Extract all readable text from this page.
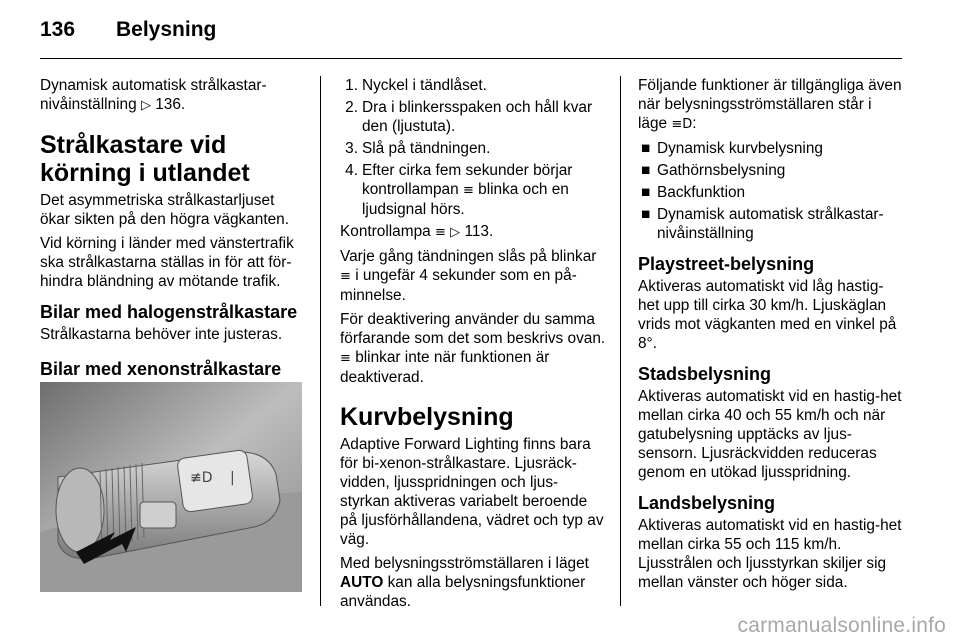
136 Belysning

Dynamisk automatisk strålkastar-
nivåinställning ▷ 136.

Strålkastare vid körning i utlandet

Det asymmetriska strålkastarljuset ökar sikten på den högra vägkanten.

Vid körning i länder med vänstertrafik ska strålkastarna ställas in för att för-hindra bländning av mötande trafik.

Bilar med halogenstrålkastare

Strålkastarna behöver inte justeras.

Bilar med xenonstrålkastare
≢D |
1. Nyckel i tändlåset.
2. Dra i blinkersspaken och håll kvar den (ljustuta).
3. Slå på tändningen.
4. Efter cirka fem sekunder börjar kontrollampan ≡ blinka och en ljudsignal hörs.

Kontrollampa ≡ ▷ 113.

Varje gång tändningen slås på blinkar ≡ i ungefär 4 sekunder som en på-minnelse.

För deaktivering använder du samma förfarande som det som beskrivs ovan. ≡ blinkar inte när funktionen är deaktiverad.

Kurvbelysning

Adaptive Forward Lighting finns bara för bi-xenon-strålkastare. Ljusräck-vidden, ljusspridningen och ljus-styrkan aktiveras variabelt beroende på ljusförhållandena, vädret och typ av väg.

Med belysningsströmställaren i läget AUTO kan alla belysningsfunktioner användas.

Följande funktioner är tillgängliga även när belysningsströmställaren står i läge ≡D:

■ Dynamisk kurvbelysning
■ Gathörnsbelysning
■ Backfunktion
■ Dynamisk automatisk strålkastar-nivåinställning
Playstreet-belysning

Aktiveras automatiskt vid låg hastig-het upp till cirka 30 km/h. Ljuskäglan vrids mot vägkanten med en vinkel på 8°.

Stadsbelysning

Aktiveras automatiskt vid en hastig-het mellan cirka 40 och 55 km/h och när gatubelysning upptäcks av ljus-sensorn. Ljusräckvidden reduceras genom en utökad ljusspridning.

Landsbelysning

Aktiveras automatiskt vid en hastig-het mellan cirka 55 och 115 km/h. Ljusstrålen och ljusstyrkan skiljer sig mellan vänster och höger sida.

carmanualsonline.info
